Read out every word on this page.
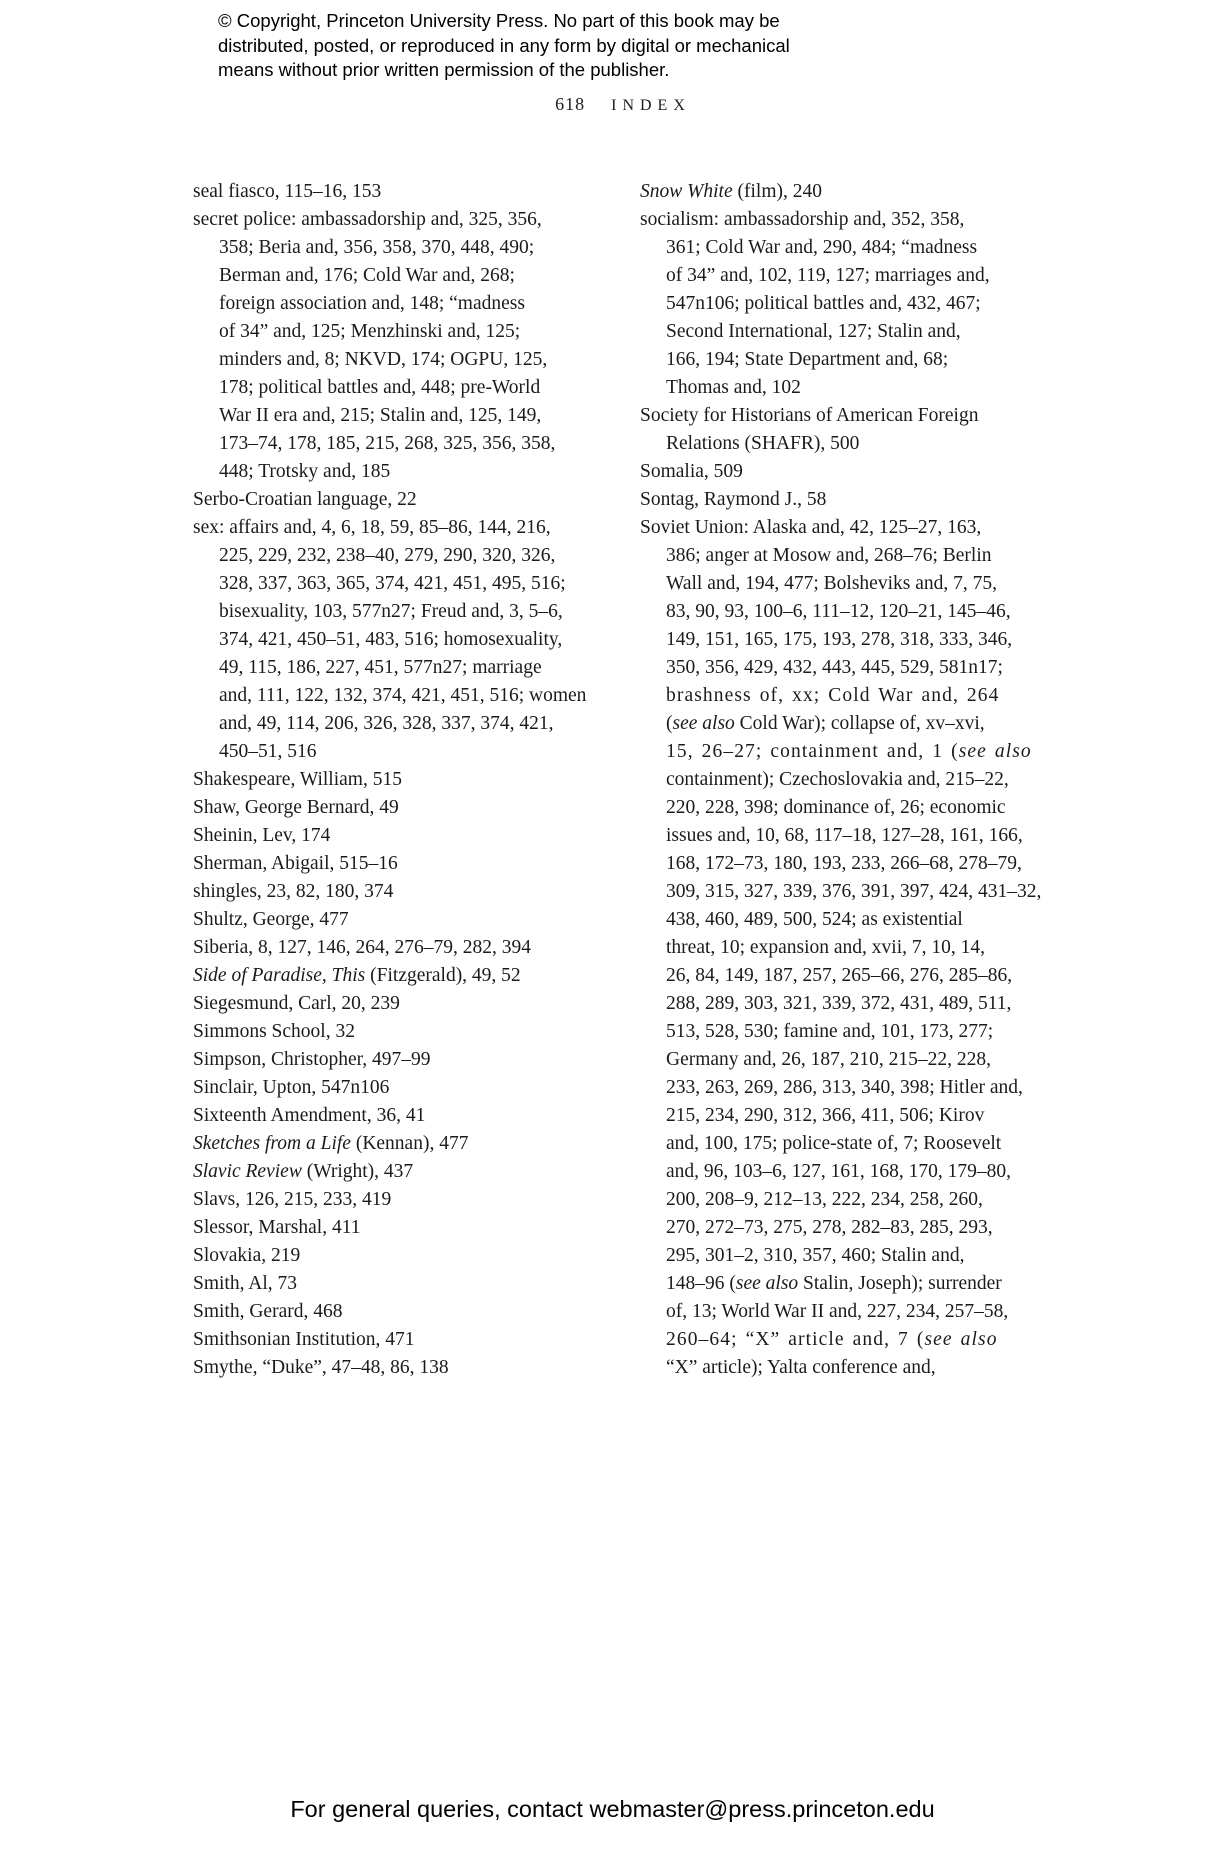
© Copyright, Princeton University Press. No part of this book may be
distributed, posted, or reproduced in any form by digital or mechanical
means without prior written permission of the publisher.
618 INDEX
seal fiasco, 115–16, 153
secret police: ambassadorship and, 325, 356,
358; Beria and, 356, 358, 370, 448, 490;
Berman and, 176; Cold War and, 268;
foreign association and, 148; “madness
of 34” and, 125; Menzhinski and, 125;
minders and, 8; NKVD, 174; OGPU, 125,
178; political battles and, 448; pre-World
War II era and, 215; Stalin and, 125, 149,
173–74, 178, 185, 215, 268, 325, 356, 358,
448; Trotsky and, 185
Serbo-Croatian language, 22
sex: affairs and, 4, 6, 18, 59, 85–86, 144, 216,
225, 229, 232, 238–40, 279, 290, 320, 326,
328, 337, 363, 365, 374, 421, 451, 495, 516;
bisexuality, 103, 577n27; Freud and, 3, 5–6,
374, 421, 450–51, 483, 516; homosexuality,
49, 115, 186, 227, 451, 577n27; marriage
and, 111, 122, 132, 374, 421, 451, 516; women
and, 49, 114, 206, 326, 328, 337, 374, 421,
450–51, 516
Shakespeare, William, 515
Shaw, George Bernard, 49
Sheinin, Lev, 174
Sherman, Abigail, 515–16
shingles, 23, 82, 180, 374
Shultz, George, 477
Siberia, 8, 127, 146, 264, 276–79, 282, 394
Side of Paradise, This (Fitzgerald), 49, 52
Siegesmund, Carl, 20, 239
Simmons School, 32
Simpson, Christopher, 497–99
Sinclair, Upton, 547n106
Sixteenth Amendment, 36, 41
Sketches from a Life (Kennan), 477
Slavic Review (Wright), 437
Slavs, 126, 215, 233, 419
Slessor, Marshal, 411
Slovakia, 219
Smith, Al, 73
Smith, Gerard, 468
Smithsonian Institution, 471
Smythe, “Duke”, 47–48, 86, 138
Snow White (film), 240
socialism: ambassadorship and, 352, 358,
361; Cold War and, 290, 484; “madness
of 34” and, 102, 119, 127; marriages and,
547n106; political battles and, 432, 467;
Second International, 127; Stalin and,
166, 194; State Department and, 68;
Thomas and, 102
Society for Historians of American Foreign
Relations (SHAFR), 500
Somalia, 509
Sontag, Raymond J., 58
Soviet Union: Alaska and, 42, 125–27, 163,
386; anger at Mosow and, 268–76; Berlin
Wall and, 194, 477; Bolsheviks and, 7, 75,
83, 90, 93, 100–6, 111–12, 120–21, 145–46,
149, 151, 165, 175, 193, 278, 318, 333, 346,
350, 356, 429, 432, 443, 445, 529, 581n17;
brashness of, xx; Cold War and, 264
(see also Cold War); collapse of, xv–xvi,
15, 26–27; containment and, 1 (see also
containment); Czechoslovakia and, 215–22,
220, 228, 398; dominance of, 26; economic
issues and, 10, 68, 117–18, 127–28, 161, 166,
168, 172–73, 180, 193, 233, 266–68, 278–79,
309, 315, 327, 339, 376, 391, 397, 424, 431–32,
438, 460, 489, 500, 524; as existential
threat, 10; expansion and, xvii, 7, 10, 14,
26, 84, 149, 187, 257, 265–66, 276, 285–86,
288, 289, 303, 321, 339, 372, 431, 489, 511,
513, 528, 530; famine and, 101, 173, 277;
Germany and, 26, 187, 210, 215–22, 228,
233, 263, 269, 286, 313, 340, 398; Hitler and,
215, 234, 290, 312, 366, 411, 506; Kirov
and, 100, 175; police-state of, 7; Roosevelt
and, 96, 103–6, 127, 161, 168, 170, 179–80,
200, 208–9, 212–13, 222, 234, 258, 260,
270, 272–73, 275, 278, 282–83, 285, 293,
295, 301–2, 310, 357, 460; Stalin and,
148–96 (see also Stalin, Joseph); surrender
of, 13; World War II and, 227, 234, 257–58,
260–64; “X” article and, 7 (see also
“X” article); Yalta conference and,
For general queries, contact webmaster@press.princeton.edu
